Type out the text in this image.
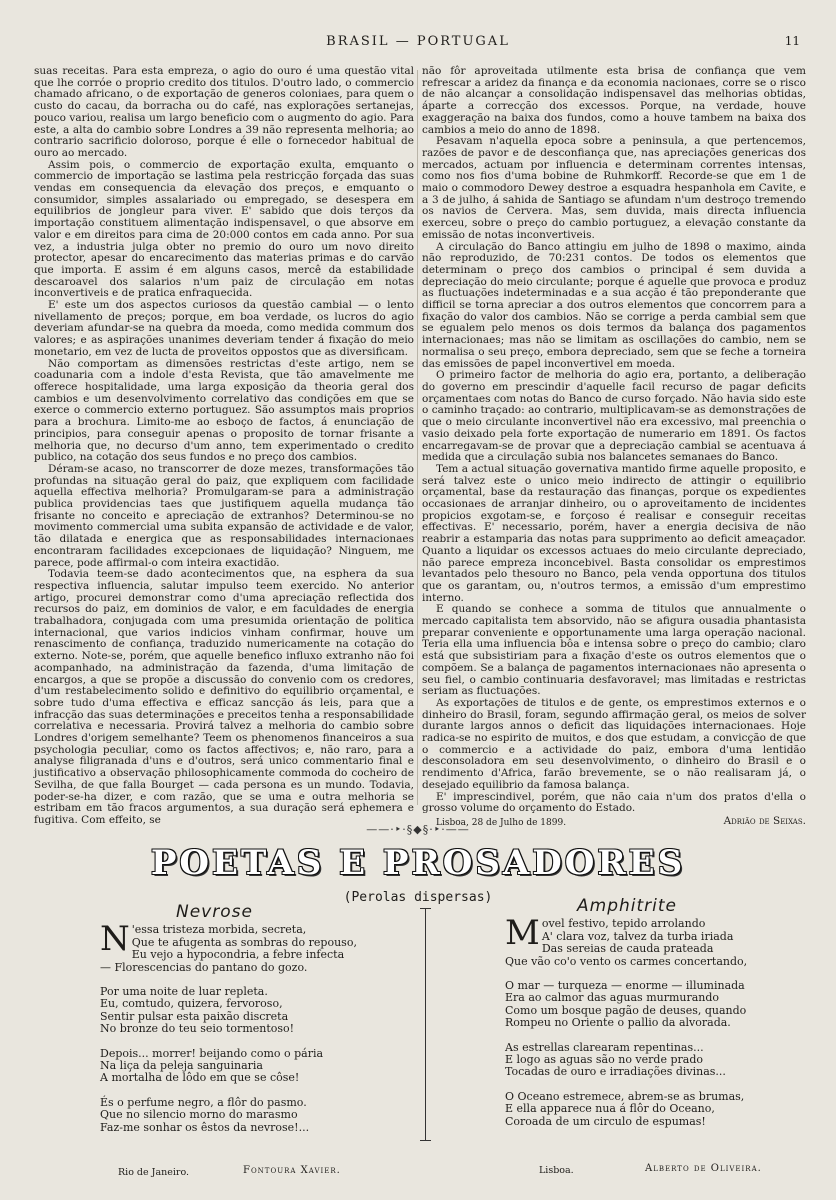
BRASIL — PORTUGAL	11

suas receitas. Para esta empreza, o agio do ouro é uma questão vital que lhe corróe o proprio credito dos titulos. D'outro lado, o commercio chamado africano, o de exportação de generos coloniaes, para quem o custo do cacau, da borracha ou do café, nas explorações sertanejas, pouco variou, realisa um largo beneficio com o augmento do agio. Para este, a alta do cambio sobre Londres a 39 não representa melhoria; ao contrario sacrificio doloroso, porque é elle o fornecedor habitual de ouro ao mercado.

Assim pois, o commercio de exportação exulta, emquanto o commercio de importação se lastima pela restricção forçada das suas vendas em consequencia da elevação dos preços, e emquanto o consumidor, simples assalariado ou empregado, se desespera em equilibrios de jongleur para viver. E' sabido que dois terços da importação constituem alimentação indispensavel, o que absorve em valor e em direitos para cima de 20:000 contos em cada anno. Por sua vez, a industria julga obter no premio do ouro um novo direito protector, apesar do encarecimento das materias primas e do carvão que importa. E assim é em alguns casos, mercê da estabilidade descaroavel dos salarios n'um paiz de circulação em notas inconvertiveis e de pratica enfraquecida.

E' este um dos aspectos curiosos da questão cambial — o lento nivellamento de preços; porque, em boa verdade, os lucros do agio deveriam afundar-se na quebra da moeda, como medida commum dos valores; e as aspirações unanimes deveriam tender á fixação do meio monetario, em vez de lucta de proveitos oppostos que as diversificam.

Não comportam as dimensões restrictas d'este artigo, nem se coadunaria com a indole d'esta Revista, que tão amavelmente me offerece hospitalidade, uma larga exposição da theoria geral dos cambios e um desenvolvimento correlativo das condições em que se exerce o commercio externo portuguez. São assumptos mais proprios para a brochura. Limito-me ao esboço de factos, á enunciação de principios, para conseguir apenas o proposito de tornar frisante a melhoria que, no decurso d'um anno, tem experimentado o credito publico, na cotação dos seus fundos e no preço dos cambios.

Déram-se acaso, no transcorrer de doze mezes, transformações tão profundas na situação geral do paiz, que expliquem com facilidade aquella effectiva melhoria? Promulgaram-se para a administração publica providencias taes que justifiquem aquella mudança tão frisante no conceito e apreciação de extranhos? Determinou-se no movimento commercial uma subita expansão de actividade e de valor, tão dilatada e energica que as responsabilidades internacionaes encontraram facilidades excepcionaes de liquidação? Ninguem, me parece, pode affirmal-o com inteira exactidão.

Todavia teem-se dado acontecimentos que, na esphera da sua respectiva influencia, salutar impulso teem exercido. No anterior artigo, procurei demonstrar como d'uma apreciação reflectida dos recursos do paiz, em dominios de valor, e em faculdades de energia trabalhadora, conjugada com uma presumida orientação de politica internacional, que varios indicios vinham confirmar, houve um renascimento de confiança, traduzido numericamente na cotação do externo. Note-se, porém, que aquelle benefico influxo extranho não foi acompanhado, na administração da fazenda, d'uma limitação de encargos, a que se propõe a discussão do convenio com os credores, d'um restabelecimento solido e definitivo do equilibrio orçamental, e sobre tudo d'uma effectiva e efficaz sancção ás leis, para que a infracção das suas determinações e preceitos tenha a responsabilidade correlativa e necessaria. Provirá talvez a melhoria do cambio sobre Londres d'origem semelhante? Teem os phenomenos financeiros a sua psychologia peculiar, como os factos affectivos; e, não raro, para a analyse filigranada d'uns e d'outros, será unico commentario final e justificativo a observação philosophicamente commoda do cocheiro de Sevilha, de que falla Bourget — cada persona es un mundo. Todavia, poder-se-ha dizer, e com razão, que se uma e outra melhoria se estribam em tão fracos argumentos, a sua duração será ephemera e fugitiva. Com effeito, se

não fôr aproveitada utilmente esta brisa de confiança que vem refrescar a aridez da finança e da economia nacionaes, corre se o risco de não alcançar a consolidação indispensavel das melhorias obtidas, áparte a correcção dos excessos. Porque, na verdade, houve exaggeração na baixa dos fundos, como a houve tambem na baixa dos cambios a meio do anno de 1898.

Pesavam n'aquella epoca sobre a peninsula, a que pertencemos, razões de pavor e de desconfiança que, nas apreciações genericas dos mercados, actuam por influencia e determinam correntes intensas, como nos fios d'uma bobine de Ruhmkorff. Recorde-se que em 1 de maio o commodoro Dewey destroe a esquadra hespanhola em Cavite, e a 3 de julho, á sahida de Santiago se afundam n'um destroço tremendo os navios de Cervera. Mas, sem duvida, mais directa influencia exerceu, sobre o preço do cambio portuguez, a elevação constante da emissão de notas inconvertiveis.

A circulação do Banco attingiu em julho de 1898 o maximo, ainda não reproduzido, de 70:231 contos. De todos os elementos que determinam o preço dos cambios o principal é sem duvida a depreciação do meio circulante; porque é aquelle que provoca e produz as fluctuações indeterminadas e a sua acção é tão preponderante que difficil se torna apreciar a dos outros elementos que concorrem para a fixação do valor dos cambios. Não se corrige a perda cambial sem que se egualem pelo menos os dois termos da balança dos pagamentos internacionaes; mas não se limitam as oscillações do cambio, nem se normalisa o seu preço, embora depreciado, sem que se feche a torneira das emissões de papel inconvertivel em moeda.

O primeiro factor de melhoria do agio era, portanto, a deliberação do governo em prescindir d'aquelle facil recurso de pagar deficits orçamentaes com notas do Banco de curso forçado. Não havia sido este o caminho traçado: ao contrario, multiplicavam-se as demonstrações de que o meio circulante inconvertivel não era excessivo, mal preenchia o vasio deixado pela forte exportação de numerario em 1891. Os factos encarregavam-se de provar que a depreciação cambial se acentuava á medida que a circulação subia nos balancetes semanaes do Banco.

Tem a actual situação governativa mantido firme aquelle proposito, e será talvez este o unico meio indirecto de attingir o equilibrio orçamental, base da restauração das finanças, porque os expedientes occasionaes de arranjar dinheiro, ou o aproveitamento de incidentes propicios exgotam-se, e forçoso é realisar e conseguir receitas effectivas. E' necessario, porém, haver a energia decisiva de não reabrir a estamparia das notas para supprimento ao deficit ameaçador. Quanto a liquidar os excessos actuaes do meio circulante depreciado, não parece empreza inconcebivel. Basta consolidar os emprestimos levantados pelo thesouro no Banco, pela venda opportuna dos titulos que os garantam, ou, n'outros termos, a emissão d'um emprestimo interno.

E quando se conhece a somma de titulos que annualmente o mercado capitalista tem absorvido, não se afigura ousadia phantasista preparar conveniente e opportunamente uma larga operação nacional. Teria ella uma influencia bôa e intensa sobre o preço do cambio; claro está que subsistiriam para a fixação d'este os outros elementos que o compõem. Se a balança de pagamentos internacionaes não apresenta o seu fiel, o cambio continuaria desfavoravel; mas limitadas e restrictas seriam as fluctuações.

As exportações de titulos e de gente, os emprestimos externos e o dinheiro do Brasil, foram, segundo affirmação geral, os meios de solver durante largos annos o deficit das liquidações internacionaes. Hoje radica-se no espirito de muitos, e dos que estudam, a convicção de que o commercio e a actividade do paiz, embora d'uma lentidão desconsoladora em seu desenvolvimento, o dinheiro do Brasil e o rendimento d'Africa, farão brevemente, se o não realisaram já, o desejado equilibrio da famosa balança.

E' imprescindivel, porém, que não caia n'um dos pratos d'ella o grosso volume do orçamento do Estado.

Adrião de Seixas.
Lisboa, 28 de Julho de 1899.
——·‣·§◆§·‣·——
POETAS E PROSADORES
(Perolas dispersas)
Nevrose
N 'essa tristeza morbida, secreta,
Que te afugenta as sombras do repouso,
Eu vejo a hypocondria, a febre infecta
— Florescencias do pantano do gozo.
Por uma noite de luar repleta.
Eu, comtudo, quizera, fervoroso,
Sentir pulsar esta paixão discreta
No bronze do teu seio tormentoso!
Depois... morrer! beijando como o pária
Na liça da peleja sanguinaria
A mortalha de lôdo em que se côse!
És o perfume negro, a flôr do pasmo.
Que no silencio morno do marasmo
Faz-me sonhar os êstos da nevrose!...
Rio de Janeiro.	Fontoura Xavier.
Amphitrite
M ovel festivo, tepido arrolando
A' clara voz, talvez da turba iriada
Das sereias de cauda prateada
Que vão co'o vento os carmes concertando,
O mar — turqueza — enorme — illuminada
Era ao calmor das aguas murmurando
Como um bosque pagão de deuses, quando
Rompeu no Oriente o pallio da alvorada.
As estrellas clarearam repentinas...
E logo as aguas são no verde prado
Tocadas de ouro e irradiações divinas...
O Oceano estremece, abrem-se as brumas,
E ella apparece nua á flôr do Oceano,
Coroada de um circulo de espumas!
Lisboa.	Alberto de Oliveira.
